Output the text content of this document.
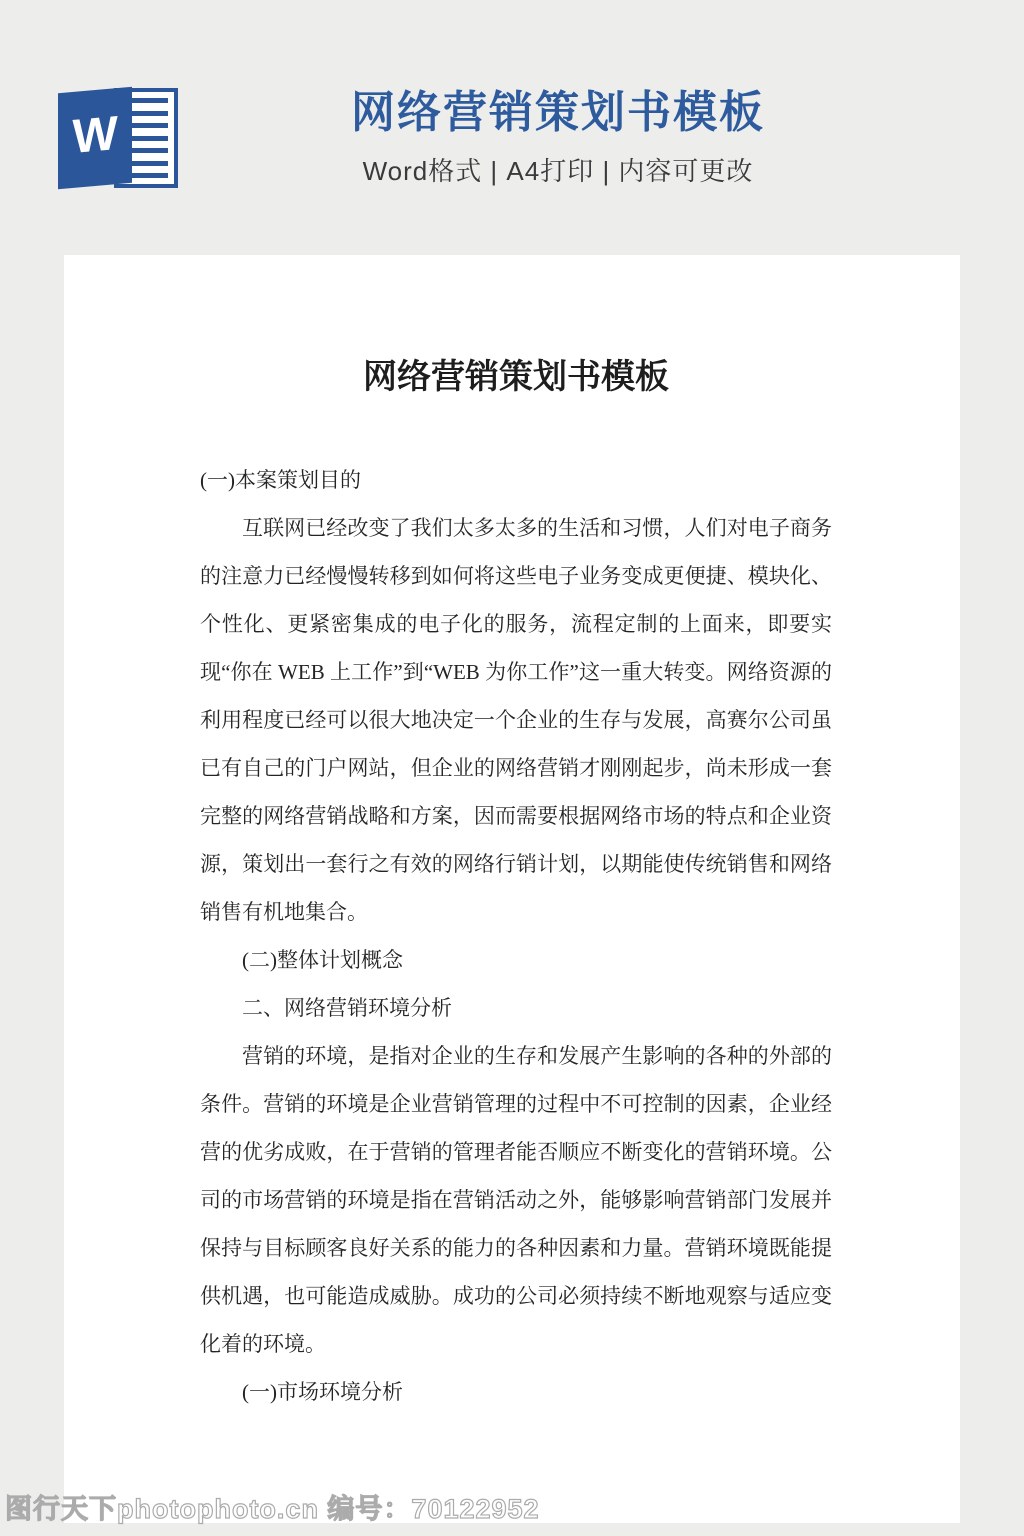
W	网络营销策划书模板
Word格式 | A4打印 | 内容可更改
网络营销策划书模板

(一)本案策划目的

互联网已经改变了我们太多太多的生活和习惯，人们对电子商务的注意力已经慢慢转移到如何将这些电子业务变成更便捷、模块化、个性化、更紧密集成的电子化的服务，流程定制的上面来，即要实现“你在 WEB 上工作”到“WEB 为你工作”这一重大转变。网络资源的利用程度已经可以很大地决定一个企业的生存与发展，高赛尔公司虽已有自己的门户网站，但企业的网络营销才刚刚起步，尚未形成一套完整的网络营销战略和方案，因而需要根据网络市场的特点和企业资源，策划出一套行之有效的网络行销计划，以期能使传统销售和网络销售有机地集合。

(二)整体计划概念

二、网络营销环境分析

营销的环境，是指对企业的生存和发展产生影响的各种的外部的条件。营销的环境是企业营销管理的过程中不可控制的因素，企业经营的优劣成败，在于营销的管理者能否顺应不断变化的营销环境。公司的市场营销的环境是指在营销活动之外，能够影响营销部门发展并保持与目标顾客良好关系的能力的各种因素和力量。营销环境既能提供机遇，也可能造成威胁。成功的公司必须持续不断地观察与适应变化着的环境。

(一)市场环境分析

图行天下photophoto.cn 编号：70122952
